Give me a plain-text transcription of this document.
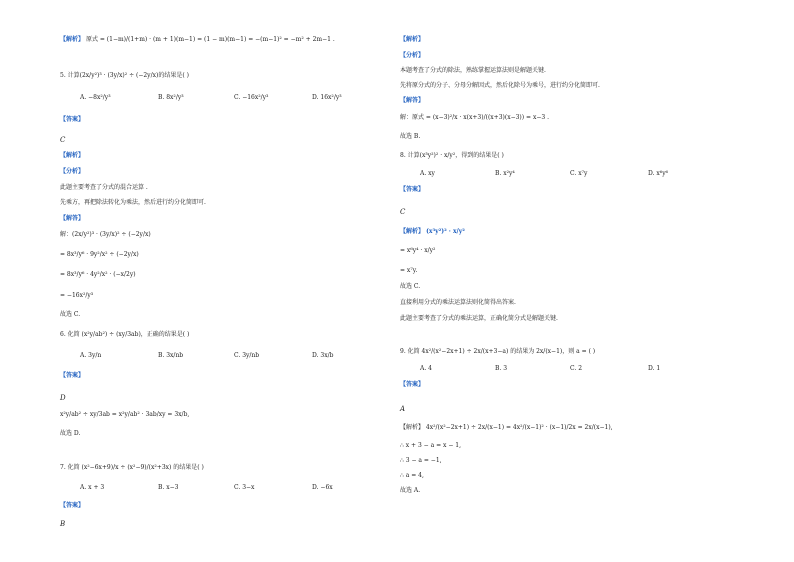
【解析】 原式 = (1−m)/(1+m) · (m + 1)(m−1) = (1 − m)(m−1) = −(m−1)² = −m² + 2m−1 .
5. 计算(2x/y²)³ · (3y/x)² ÷ (−2y/x)的结果是( )
A. −8x²/y³	B. 8x²/y³	C. −16x²/y³	D. 16x²/y³
【答案】
C
【解析】
【分析】
此题主要考查了分式的混合运算 .
先乘方，再把除法转化为乘法，然后进行约分化简即可.
【解答】
解：(2x/y²)³ · (3y/x)² ÷ (−2y/x)
= 8x³/y⁶ · 9y²/x² ÷ (−2y/x)
= 8x³/y⁶ · 4y²/x² · (−x/2y)
= −16x²/y³
故选 C.
6. 化简 (x²y/ab²) ÷ (xy/3ab)，正确的结果是( )
A. 3y/n	B. 3x/nb	C. 3y/nb	D. 3x/b
【答案】
D
x²y/ab² ÷ xy/3ab = x²y/ab² · 3ab/xy = 3x/b,
故选 D.
7. 化简 (x²−6x+9)/x ÷ (x²−9)/(x²+3x) 的结果是( )
A. x + 3	B. x−3	C. 3−x	D. −6x
【答案】
B
【解析】
【分析】
本题考查了分式的除法，熟练掌握运算法则是解题关键.
先将原分式的分子、分母分解因式，然后化除号为乘号，进行约分化简即可.
【解答】
解：原式 = (x−3)²/x · x(x+3)/((x+3)(x−3)) = x−3 .
故选 B.
8. 计算(x³y²)² · x/y²，得到的结果是( )
A. xy	B. x²y⁴	C. x⁷y	D. x⁶y⁶
【答案】
C
【解析】 (x³y²)² · x/y²
= x⁶y⁴ · x/y²
= x⁷y.
故选 C.
直接利用分式的乘法运算法则化简得出答案.
此题主要考查了分式的乘法运算，正确化简分式是解题关键.
9. 化简 4x²/(x²−2x+1) ÷ 2x/(x+3−a) 的结果为 2x/(x−1)，则 a = ( )
A. 4	B. 3	C. 2	D. 1
【答案】
A
【解析】 4x²/(x²−2x+1) ÷ 2x/(x−1) = 4x²/(x−1)² · (x−1)/2x = 2x/(x−1),
∴ x + 3 − a = x − 1,
∴ 3 − a = −1,
∴ a = 4,
故选 A.
